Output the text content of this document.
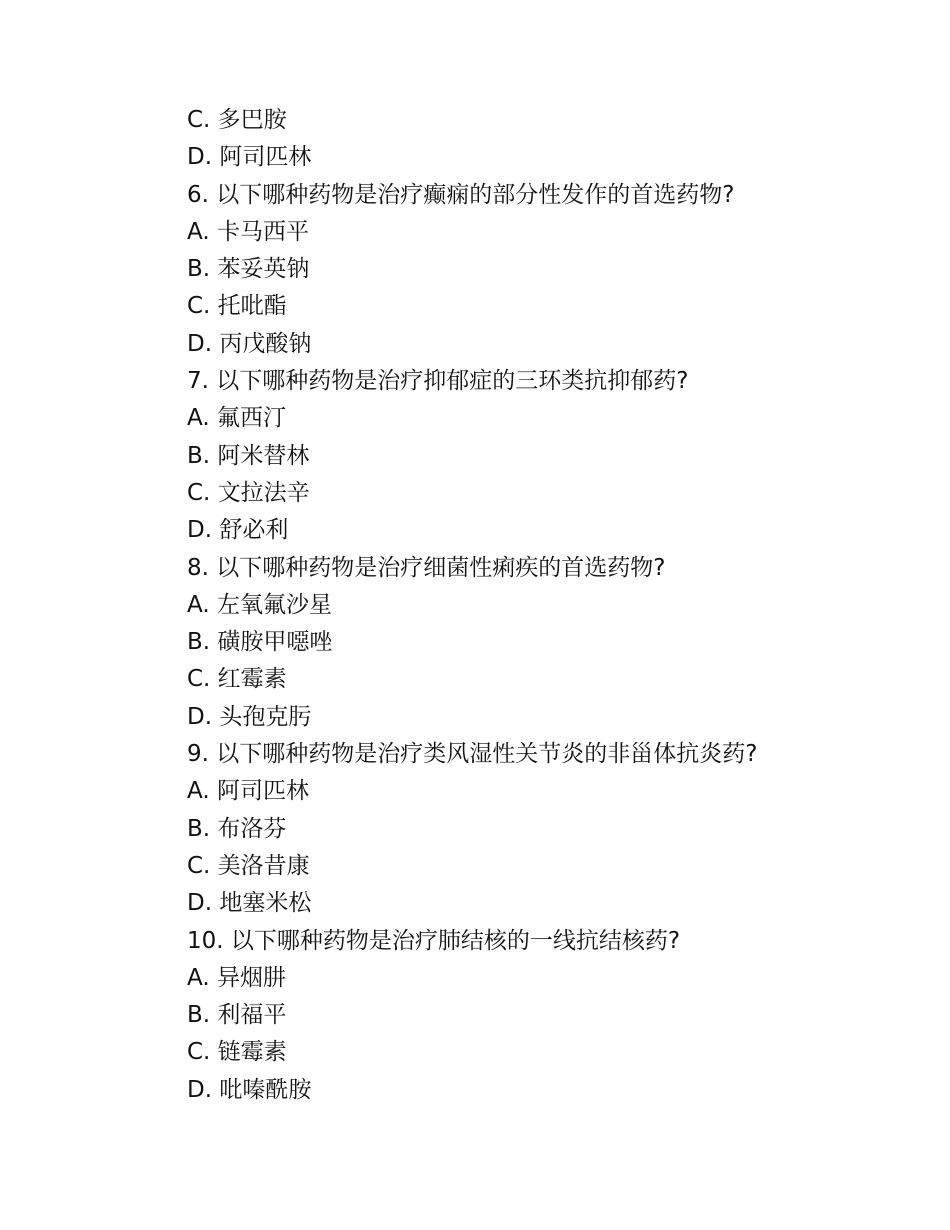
C. 多巴胺

D. 阿司匹林

6. 以下哪种药物是治疗癫痫的部分性发作的首选药物?

A. 卡马西平

B. 苯妥英钠

C. 托吡酯

D. 丙戊酸钠

7. 以下哪种药物是治疗抑郁症的三环类抗抑郁药?

A. 氟西汀

B. 阿米替林

C. 文拉法辛

D. 舒必利

8. 以下哪种药物是治疗细菌性痢疾的首选药物?

A. 左氧氟沙星

B. 磺胺甲噁唑

C. 红霉素

D. 头孢克肟

9. 以下哪种药物是治疗类风湿性关节炎的非甾体抗炎药?

A. 阿司匹林

B. 布洛芬

C. 美洛昔康

D. 地塞米松

10. 以下哪种药物是治疗肺结核的一线抗结核药?

A. 异烟肼

B. 利福平

C. 链霉素

D. 吡嗪酰胺
